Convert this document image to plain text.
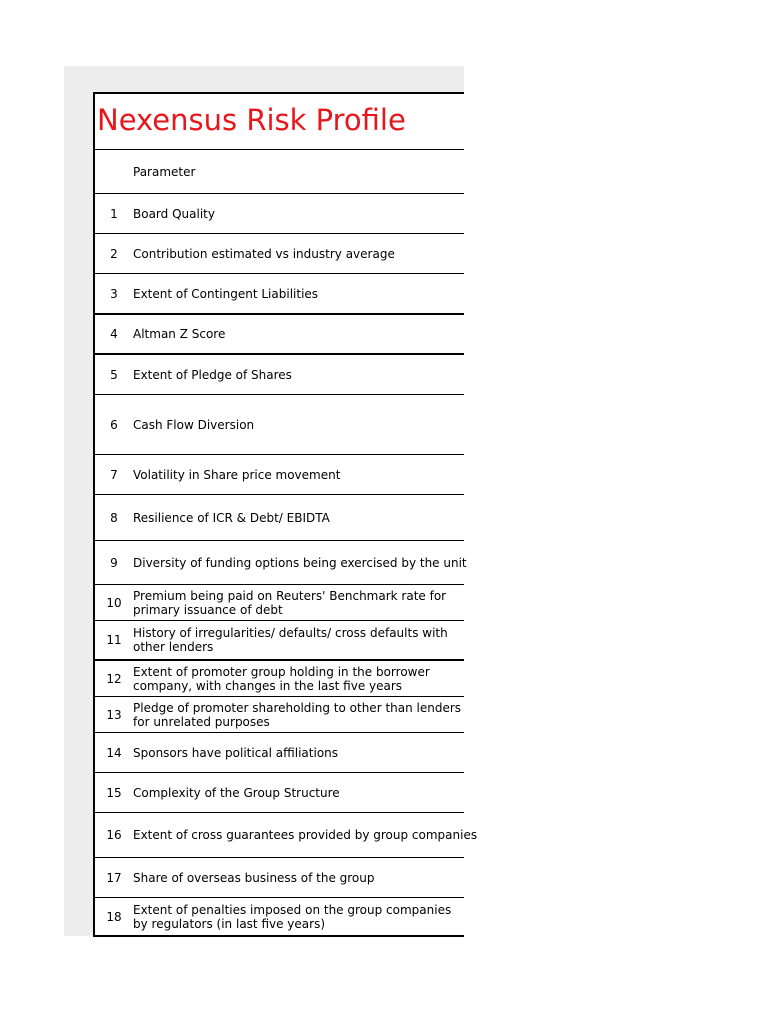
Nexensus Risk Profile
Parameter
1	Board Quality
2	Contribution estimated vs industry average
3	Extent of Contingent Liabilities
4	Altman Z Score
5	Extent of Pledge of Shares
6	Cash Flow Diversion
7	Volatility in Share price movement
8	Resilience of ICR & Debt/ EBIDTA
9	Diversity of funding options being exercised by the unit
10 Premium being paid on Reuters' Benchmark rate for primary issuance of debt
11 History of irregularities/ defaults/ cross defaults with other lenders
12 Extent of promoter group holding in the borrower company, with changes in the last five years
13 Pledge of promoter shareholding to other than lenders for unrelated purposes
14 Sponsors have political affiliations
15 Complexity of the Group Structure
16 Extent of cross guarantees provided by group companies
17 Share of overseas business of the group
18 Extent of penalties imposed on the group companies by regulators (in last five years)
